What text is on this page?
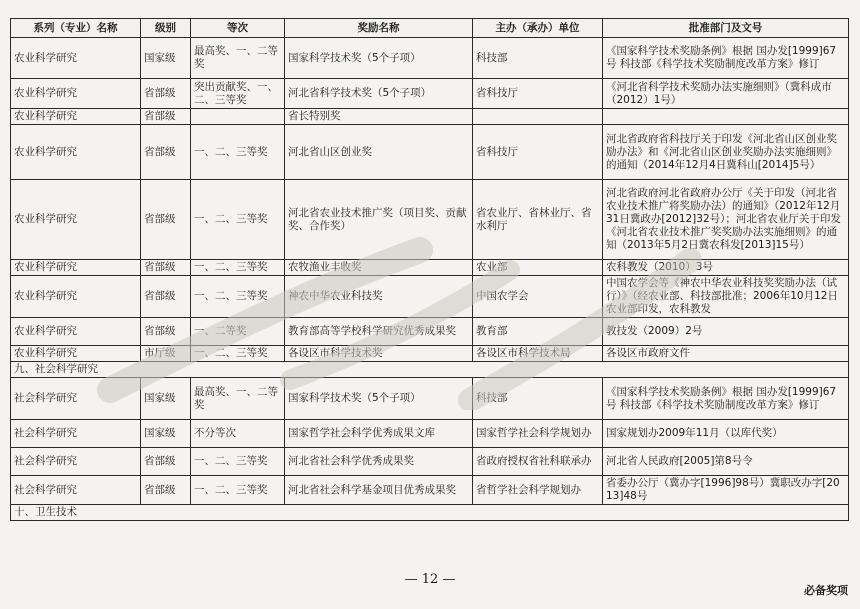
系列（专业）名称	级别	等次	奖励名称	主办（承办）单位	批准部门及文号
农业科学研究	国家级	最高奖、一、二等奖	国家科学技术奖（5个子项）	科技部	《国家科学技术奖励条例》根据 国办发[1999]67号 科技部《科学技术奖励制度改革方案》修订
农业科学研究	省部级	突出贡献奖、一、二、三等奖	河北省科学技术奖（5个子项）	省科技厅	《河北省科学技术奖励办法实施细则》（冀科成市（2012）1号）
农业科学研究	省部级		省长特别奖		
农业科学研究	省部级	一、二、三等奖	河北省山区创业奖	省科技厅	河北省政府省科技厅关于印发《河北省山区创业奖励办法》和《河北省山区创业奖励办法实施细则》的通知（2014年12月4日冀科山[2014]5号）
农业科学研究	省部级	一、二、三等奖	河北省农业技术推广奖（项目奖、贡献奖、合作奖）	省农业厅、省林业厅、省水利厅	河北省政府河北省政府办公厅《关于印发（河北省农业技术推广将奖励办法）的通知》（2012年12月31日冀政办[2012]32号）；河北省农业厅关于印发《河北省农业技术推广奖奖励办法实施细则》的通知（2013年5月2日冀农科发[2013]15号）
农业科学研究	省部级	一、二、三等奖	农牧渔业丰收奖	农业部	农科教发（2010）3号
农业科学研究	省部级	一、二、三等奖	神农中华农业科技奖	中国农学会	中国农学会等《神农中华农业科技奖奖励办法（试行）》（经农业部、科技部批准；2006年10月12日农业部印发，农科教发
农业科学研究	省部级	一、二等奖	教育部高等学校科学研究优秀成果奖	教育部	教技发（2009）2号
农业科学研究	市厅级	一、二、三等奖	各设区市科学技术奖	各设区市科学技术局	各设区市政府文件
九、社会科学研究					
社会科学研究	国家级	最高奖、一、二等奖	国家科学技术奖（5个子项）	科技部	《国家科学技术奖励条例》根据 国办发[1999]67号 科技部《科学技术奖励制度改革方案》修订
社会科学研究	国家级	不分等次	国家哲学社会科学优秀成果文库	国家哲学社会科学规划办	国家规划办2009年11月（以库代奖）
社会科学研究	省部级	一、二、三等奖	河北省社会科学优秀成果奖	省政府授权省社科联承办	河北省人民政府[2005]第8号令
社会科学研究	省部级	一、二、三等奖	河北省社会科学基金项目优秀成果奖	省哲学社会科学规划办	省委办公厅（冀办字[1996]98号）冀职改办字[2013]48号
十、卫生技术					
— 12 —
必备奖项
